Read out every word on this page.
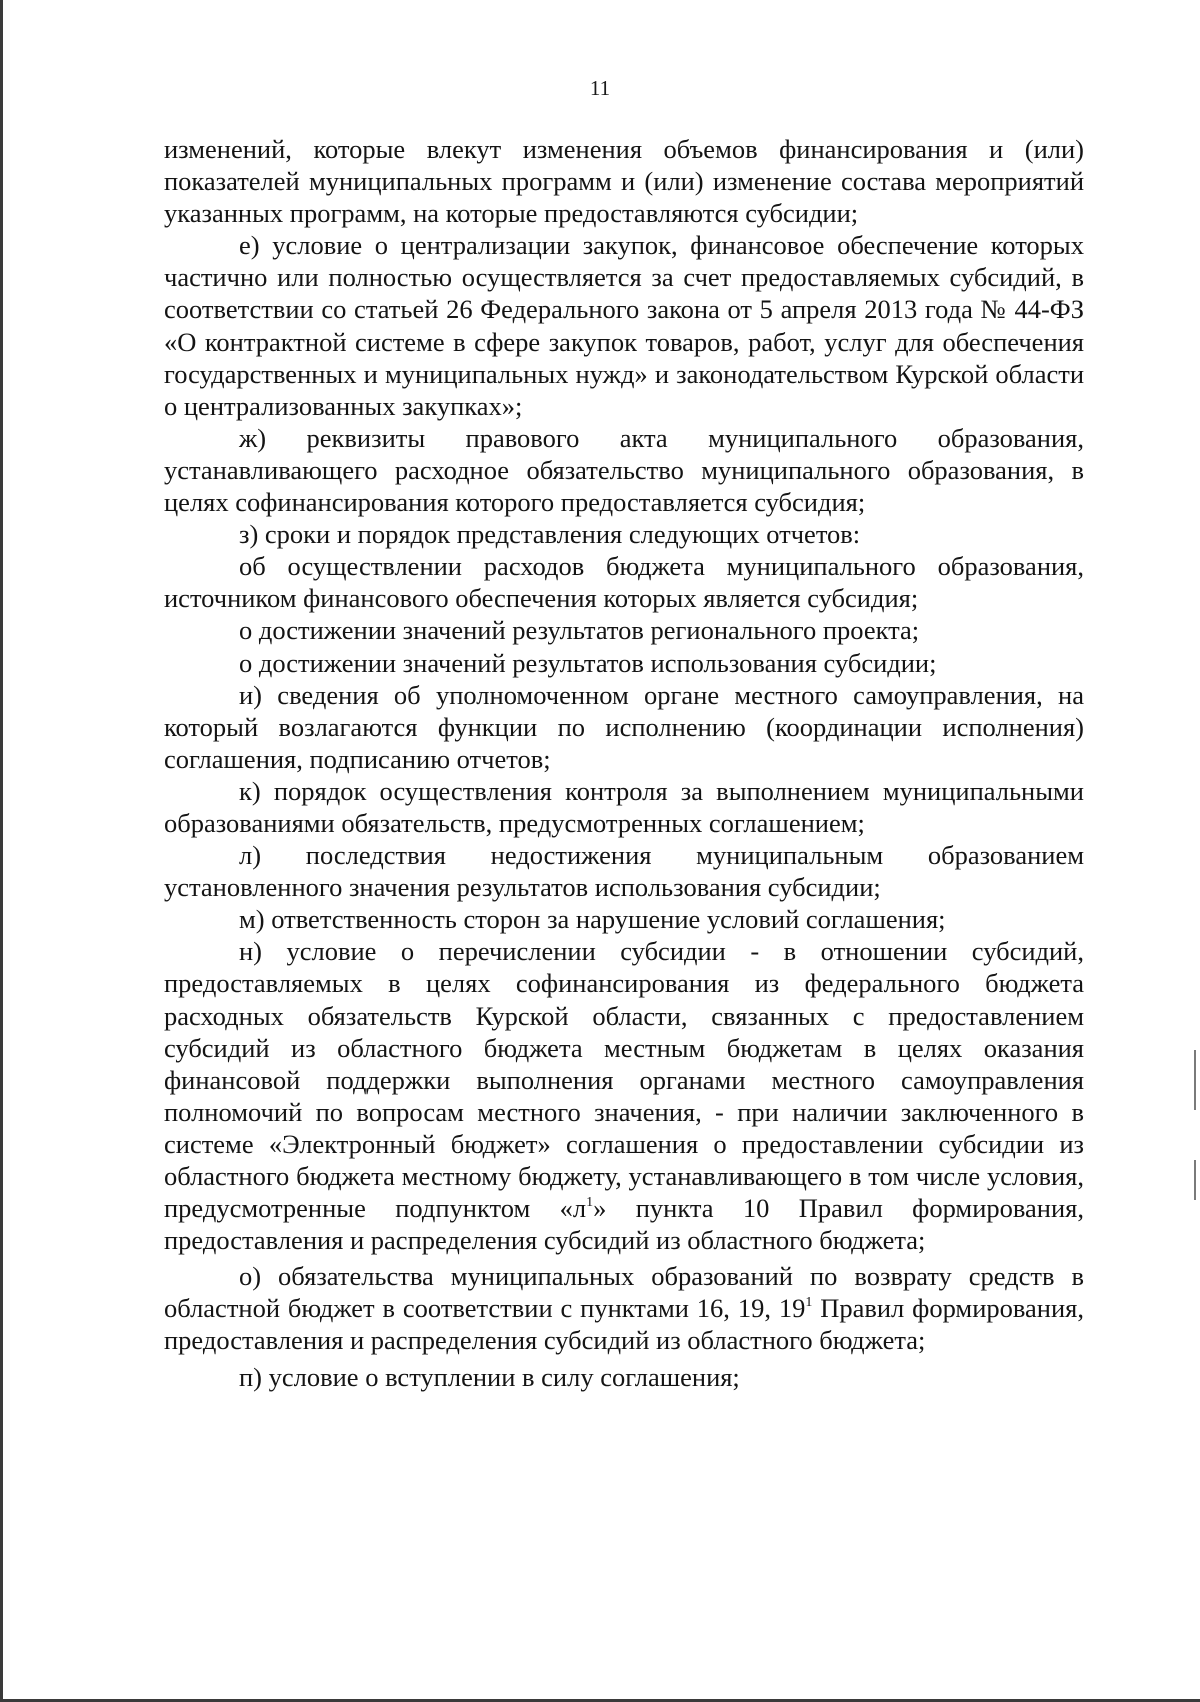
11

изменений, которые влекут изменения объемов финансирования и (или) показателей муниципальных программ и (или) изменение состава мероприятий указанных программ, на которые предоставляются субсидии;

е) условие о централизации закупок, финансовое обеспечение которых частично или полностью осуществляется за счет предоставляемых субсидий, в соответствии со статьей 26 Федерального закона от 5 апреля 2013 года № 44-ФЗ «О контрактной системе в сфере закупок товаров, работ, услуг для обеспечения государственных и муниципальных нужд» и законодательством Курской области о централизованных закупках»;

ж) реквизиты правового акта муниципального образования, устанавливающего расходное обязательство муниципального образования, в целях софинансирования которого предоставляется субсидия;

з) сроки и порядок представления следующих отчетов:

об осуществлении расходов бюджета муниципального образования, источником финансового обеспечения которых является субсидия;

о достижении значений результатов регионального проекта;

о достижении значений результатов использования субсидии;

и) сведения об уполномоченном органе местного самоуправления, на который возлагаются функции по исполнению (координации исполнения) соглашения, подписанию отчетов;

к) порядок осуществления контроля за выполнением муниципальными образованиями обязательств, предусмотренных соглашением;

л) последствия недостижения муниципальным образованием установленного значения результатов использования субсидии;

м) ответственность сторон за нарушение условий соглашения;

н) условие о перечислении субсидии - в отношении субсидий, предоставляемых в целях софинансирования из федерального бюджета расходных обязательств Курской области, связанных с предоставлением субсидий из областного бюджета местным бюджетам в целях оказания финансовой поддержки выполнения органами местного самоуправления полномочий по вопросам местного значения, - при наличии заключенного в системе «Электронный бюджет» соглашения о предоставлении субсидии из областного бюджета местному бюджету, устанавливающего в том числе условия, предусмотренные подпунктом «$л^1$» пункта 10 Правил формирования, предоставления и распределения субсидий из областного бюджета;

о) обязательства муниципальных образований по возврату средств в областной бюджет в соответствии с пунктами 16, 19, $19^1$ Правил формирования, предоставления и распределения субсидий из областного бюджета;

п) условие о вступлении в силу соглашения;
